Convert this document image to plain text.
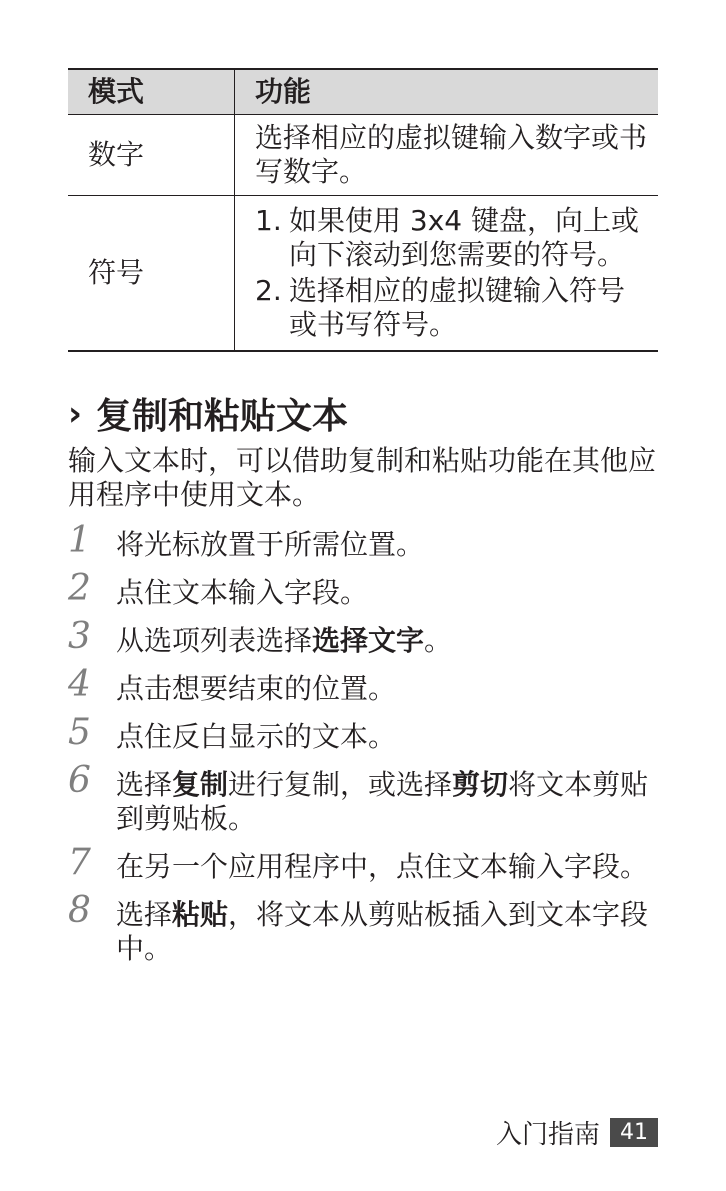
模式	功能
数字	选择相应的虚拟键输入数字或书写数字。
符号	1. 如果使用 3x4 键盘，向上或向下滚动到您需要的符号。
2. 选择相应的虚拟键输入符号或书写符号。
› 复制和粘贴文本

输入文本时，可以借助复制和粘贴功能在其他应用程序中使用文本。

1 将光标放置于所需位置。
2 点住文本输入字段。
3 从选项列表选择选择文字。
4 点击想要结束的位置。
5 点住反白显示的文本。
6 选择复制进行复制，或选择剪切将文本剪贴到剪贴板。
7 在另一个应用程序中，点住文本输入字段。
8 选择粘贴，将文本从剪贴板插入到文本字段中。
入门指南 41
